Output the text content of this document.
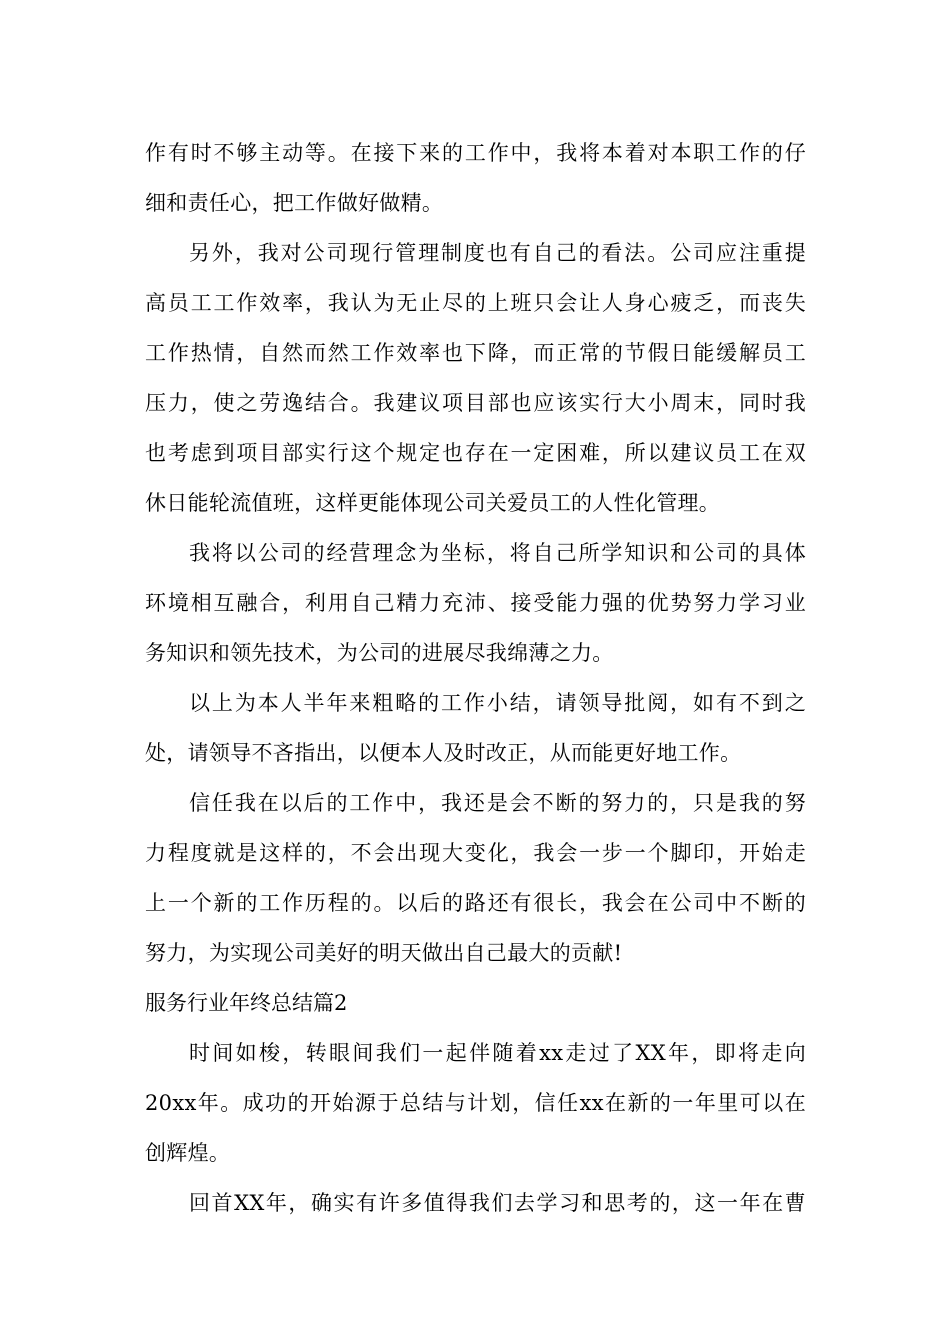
作有时不够主动等。在接下来的工作中，我将本着对本职工作的仔
细和责任心，把工作做好做精。
另外，我对公司现行管理制度也有自己的看法。公司应注重提
高员工工作效率，我认为无止尽的上班只会让人身心疲乏，而丧失
工作热情，自然而然工作效率也下降，而正常的节假日能缓解员工
压力，使之劳逸结合。我建议项目部也应该实行大小周末，同时我
也考虑到项目部实行这个规定也存在一定困难，所以建议员工在双
休日能轮流值班，这样更能体现公司关爱员工的人性化管理。
我将以公司的经营理念为坐标，将自己所学知识和公司的具体
环境相互融合，利用自己精力充沛、接受能力强的优势努力学习业
务知识和领先技术，为公司的进展尽我绵薄之力。
以上为本人半年来粗略的工作小结，请领导批阅，如有不到之
处，请领导不吝指出，以便本人及时改正，从而能更好地工作。
信任我在以后的工作中，我还是会不断的努力的，只是我的努
力程度就是这样的，不会出现大变化，我会一步一个脚印，开始走
上一个新的工作历程的。以后的路还有很长，我会在公司中不断的
努力，为实现公司美好的明天做出自己最大的贡献!
服务行业年终总结篇2
时间如梭，转眼间我们一起伴随着xx走过了XX年，即将走向
20xx年。成功的开始源于总结与计划，信任xx在新的一年里可以在
创辉煌。
回首XX年，确实有许多值得我们去学习和思考的，这一年在曹
